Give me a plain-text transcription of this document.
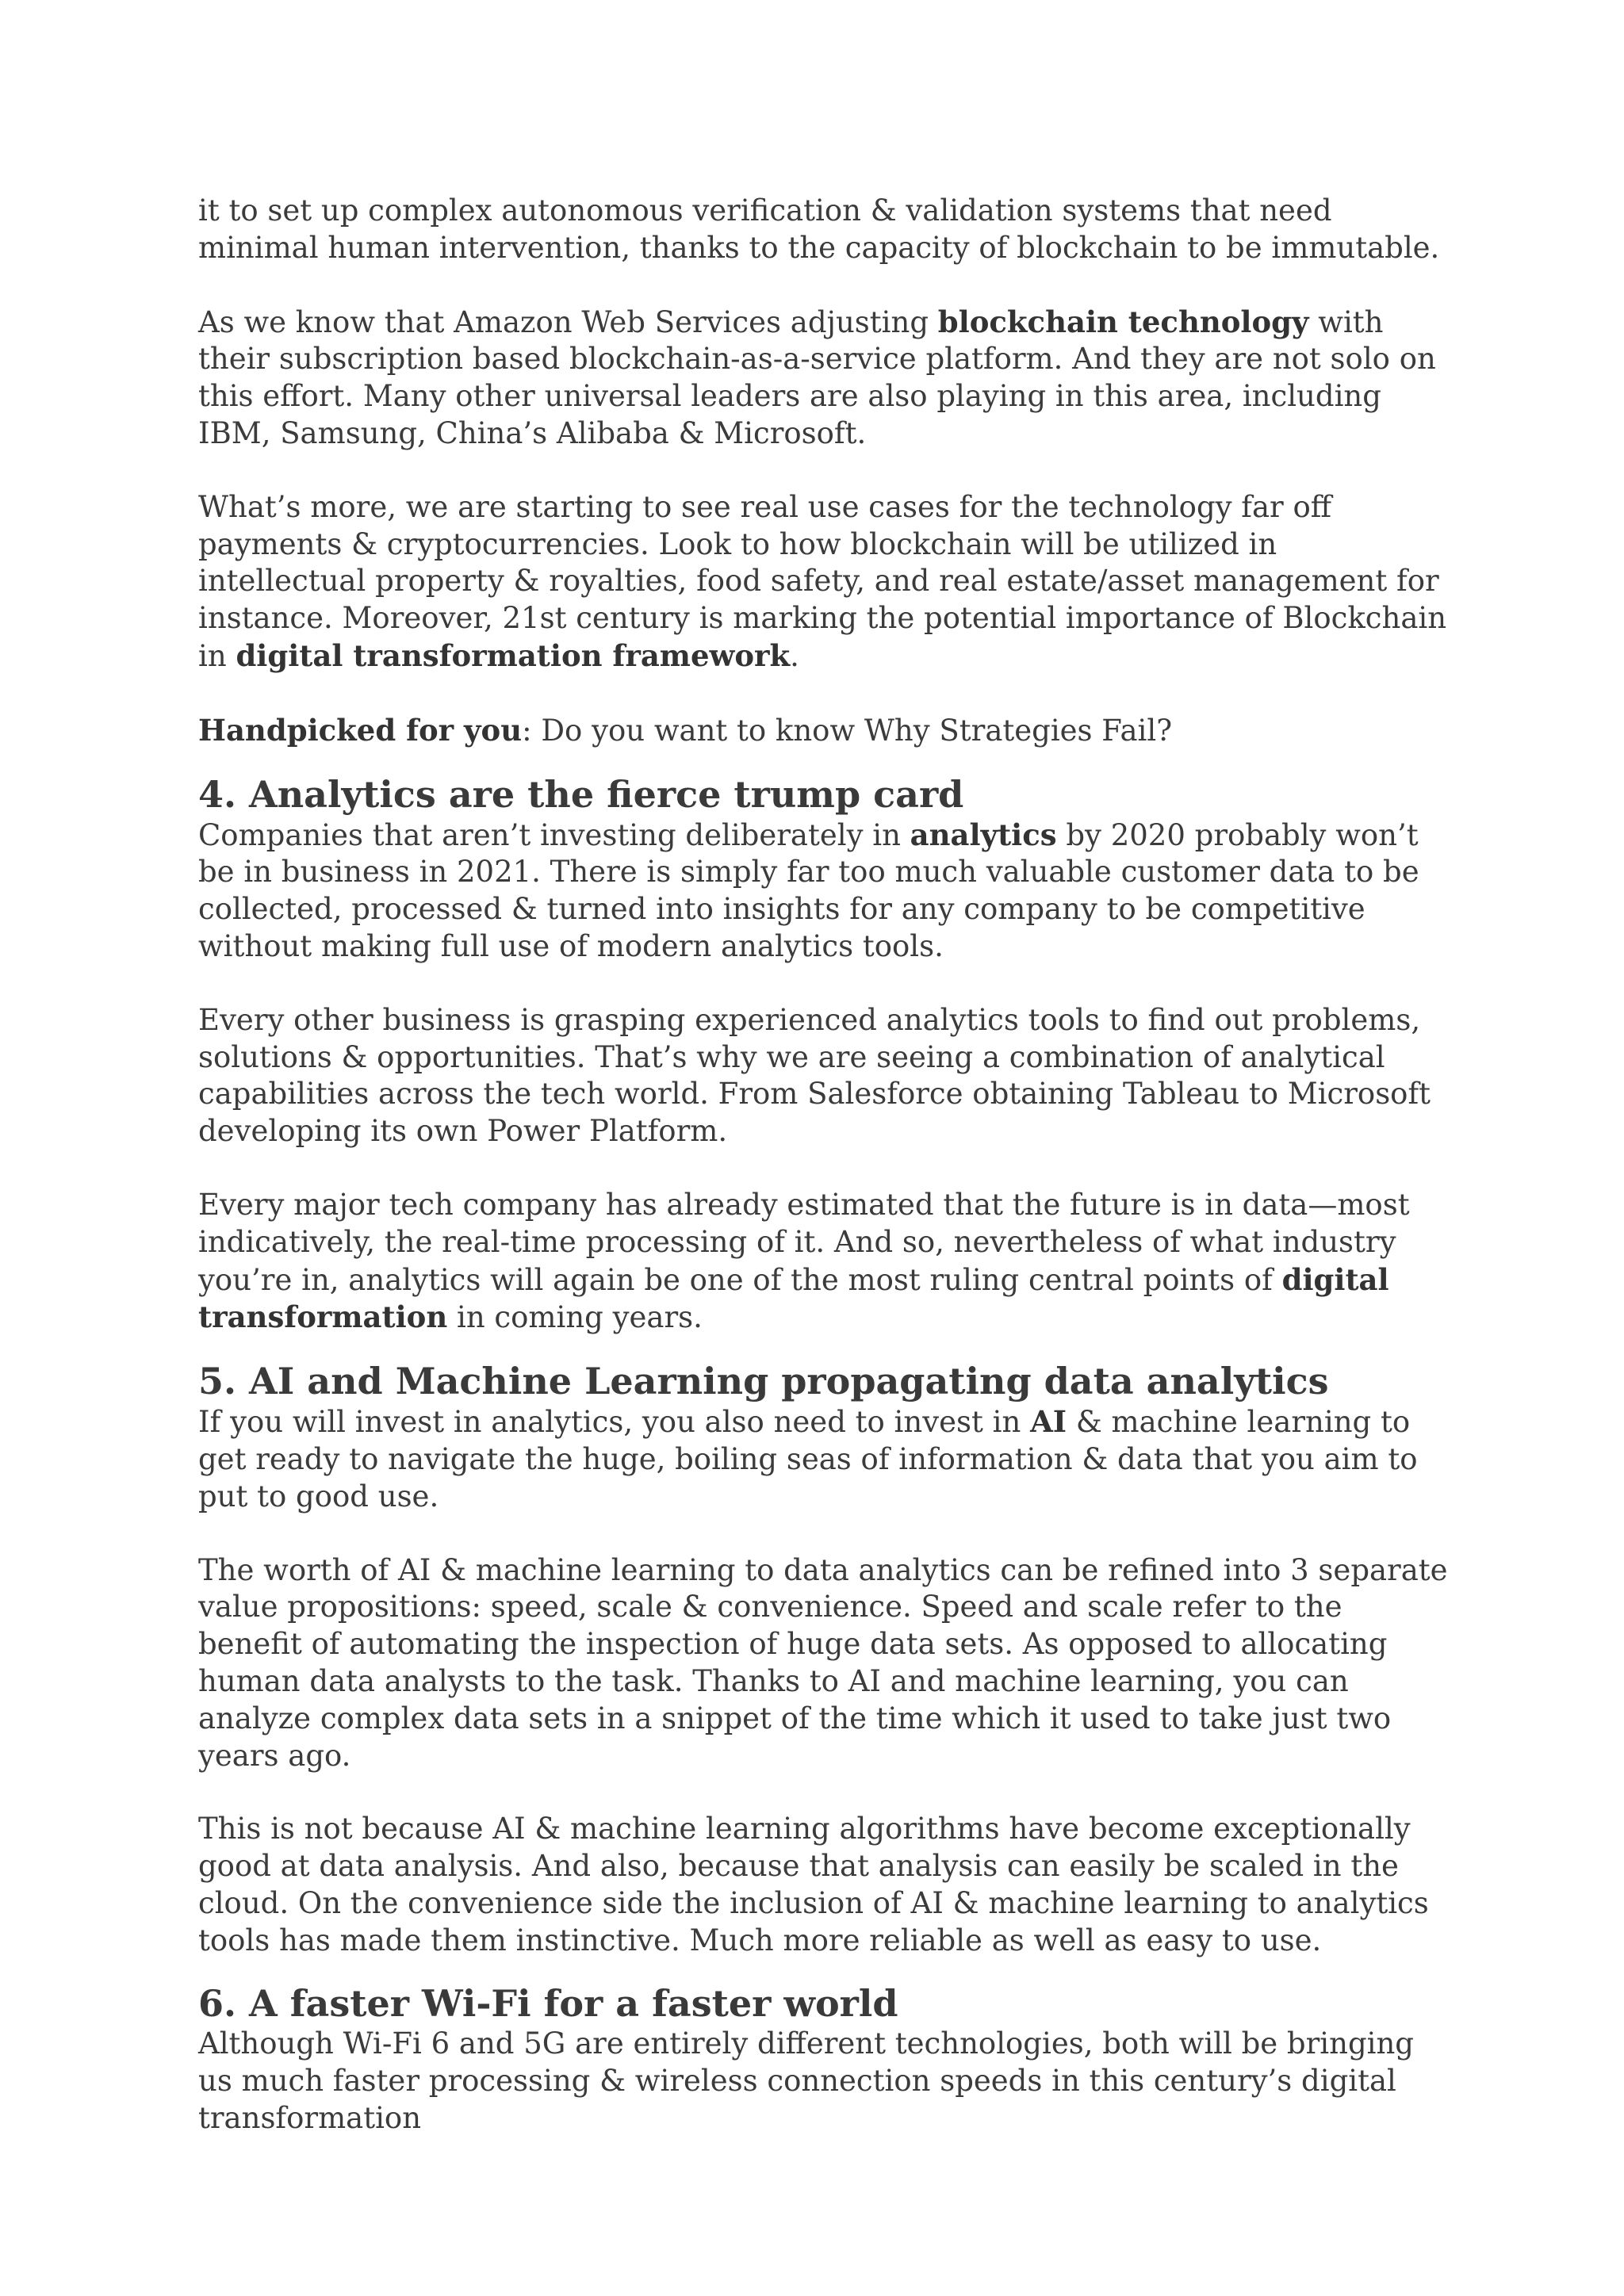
it to set up complex autonomous verification & validation systems that need minimal human intervention, thanks to the capacity of blockchain to be immutable.

As we know that Amazon Web Services adjusting blockchain technology with their subscription based blockchain-as-a-service platform. And they are not solo on this effort. Many other universal leaders are also playing in this area, including IBM, Samsung, China’s Alibaba & Microsoft.

What’s more, we are starting to see real use cases for the technology far off payments & cryptocurrencies. Look to how blockchain will be utilized in intellectual property & royalties, food safety, and real estate/asset management for instance. Moreover, 21st century is marking the potential importance of Blockchain in digital transformation framework.

Handpicked for you: Do you want to know Why Strategies Fail?

4. Analytics are the fierce trump card

Companies that aren’t investing deliberately in analytics by 2020 probably won’t be in business in 2021. There is simply far too much valuable customer data to be collected, processed & turned into insights for any company to be competitive without making full use of modern analytics tools.

Every other business is grasping experienced analytics tools to find out problems, solutions & opportunities. That’s why we are seeing a combination of analytical capabilities across the tech world. From Salesforce obtaining Tableau to Microsoft developing its own Power Platform.

Every major tech company has already estimated that the future is in data—most indicatively, the real-time processing of it. And so, nevertheless of what industry you’re in, analytics will again be one of the most ruling central points of digital transformation in coming years.

5. AI and Machine Learning propagating data analytics

If you will invest in analytics, you also need to invest in AI & machine learning to get ready to navigate the huge, boiling seas of information & data that you aim to put to good use.

The worth of AI & machine learning to data analytics can be refined into 3 separate value propositions: speed, scale & convenience. Speed and scale refer to the benefit of automating the inspection of huge data sets. As opposed to allocating human data analysts to the task. Thanks to AI and machine learning, you can analyze complex data sets in a snippet of the time which it used to take just two years ago.

This is not because AI & machine learning algorithms have become exceptionally good at data analysis. And also, because that analysis can easily be scaled in the cloud. On the convenience side the inclusion of AI & machine learning to analytics tools has made them instinctive. Much more reliable as well as easy to use.

6. A faster Wi-Fi for a faster world

Although Wi-Fi 6 and 5G are entirely different technologies, both will be bringing us much faster processing & wireless connection speeds in this century’s digital transformation
